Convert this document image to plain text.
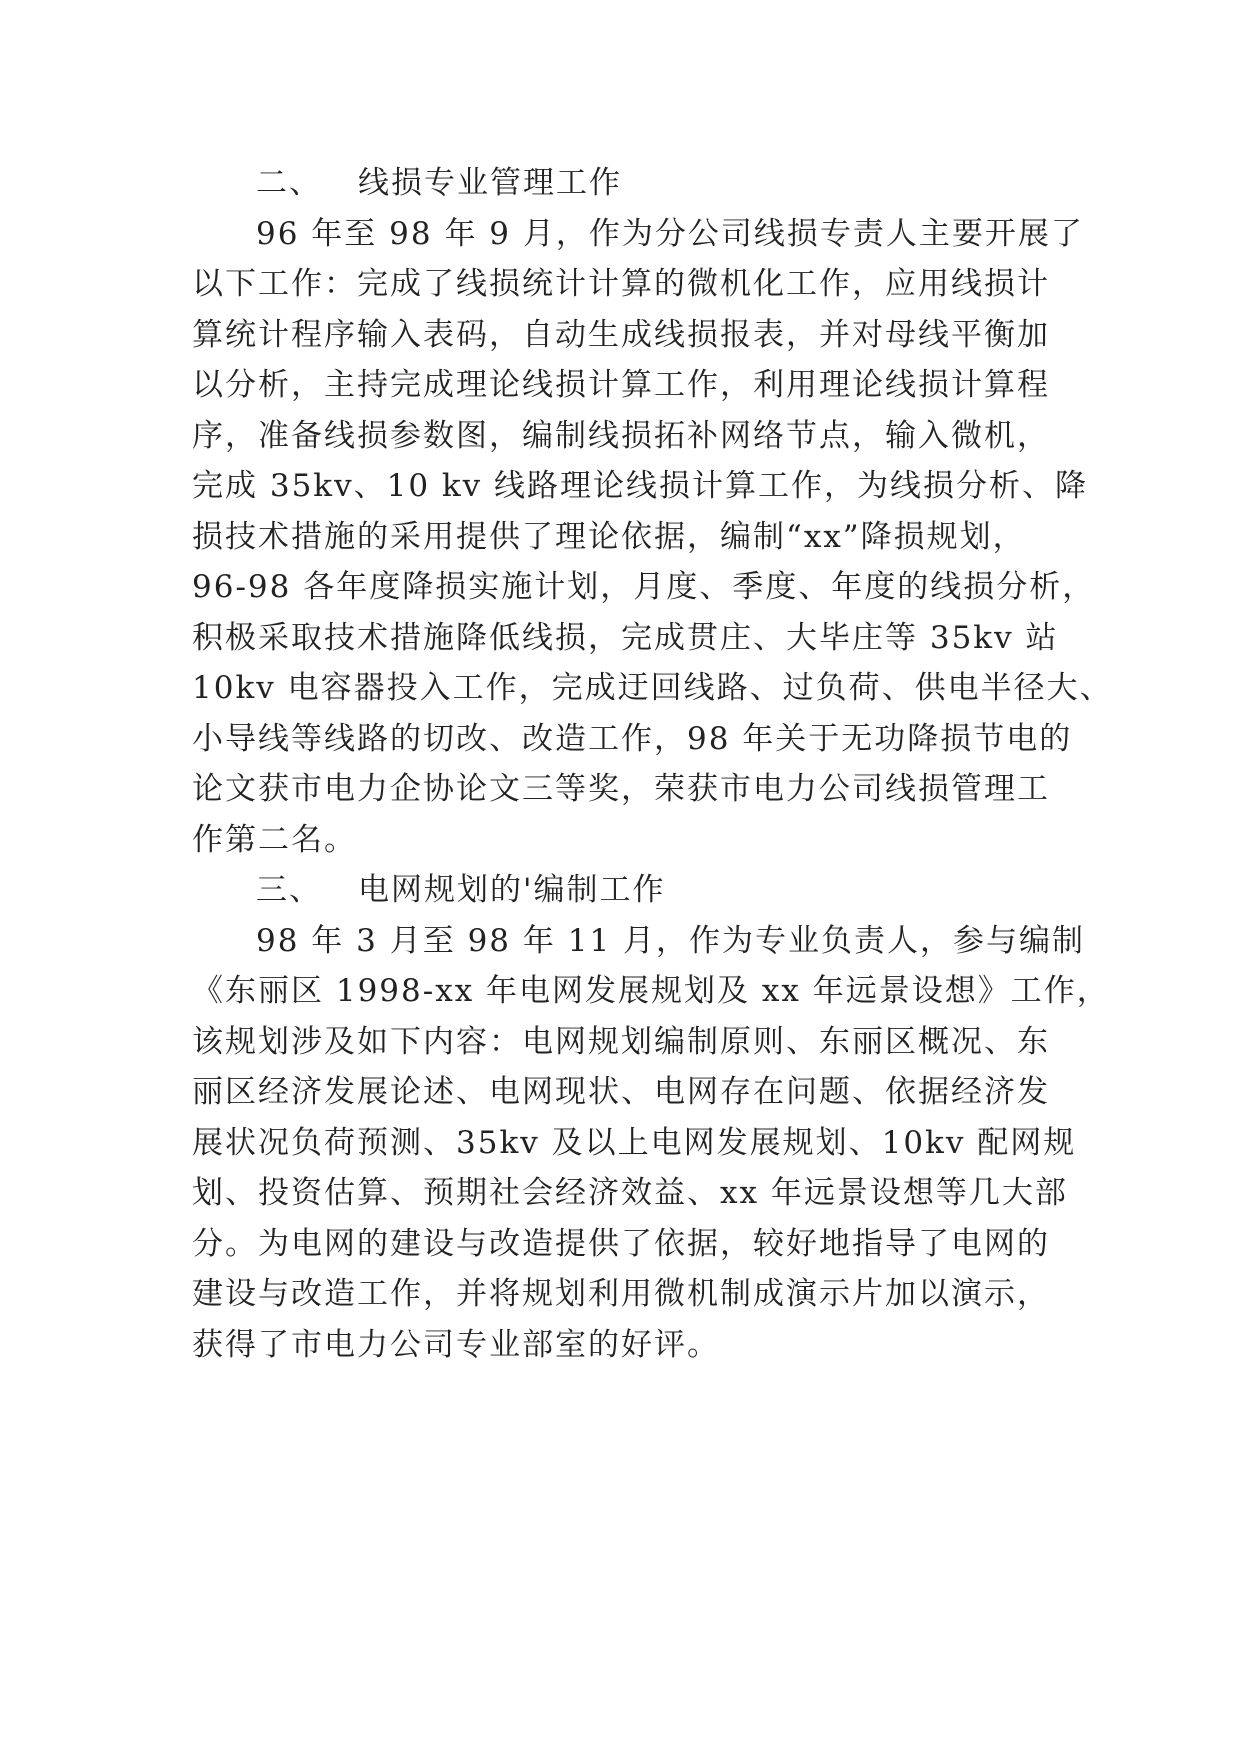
二、 线损专业管理工作

96 年至 98 年 9 月，作为分公司线损专责人主要开展了

以下工作：完成了线损统计计算的微机化工作，应用线损计

算统计程序输入表码，自动生成线损报表，并对母线平衡加

以分析，主持完成理论线损计算工作，利用理论线损计算程

序，准备线损参数图，编制线损拓补网络节点，输入微机，

完成 35kv、10 kv 线路理论线损计算工作，为线损分析、降

损技术措施的采用提供了理论依据，编制“xx”降损规划，

96-98 各年度降损实施计划，月度、季度、年度的线损分析，

积极采取技术措施降低线损，完成贯庄、大毕庄等 35kv 站

10kv 电容器投入工作，完成迂回线路、过负荷、供电半径大、

小导线等线路的切改、改造工作，98 年关于无功降损节电的

论文获市电力企协论文三等奖，荣获市电力公司线损管理工

作第二名。

三、 电网规划的'编制工作

98 年 3 月至 98 年 11 月，作为专业负责人，参与编制

《东丽区 1998-xx 年电网发展规划及 xx 年远景设想》工作，

该规划涉及如下内容：电网规划编制原则、东丽区概况、东

丽区经济发展论述、电网现状、电网存在问题、依据经济发

展状况负荷预测、35kv 及以上电网发展规划、10kv 配网规

划、投资估算、预期社会经济效益、xx 年远景设想等几大部

分。为电网的建设与改造提供了依据，较好地指导了电网的

建设与改造工作，并将规划利用微机制成演示片加以演示，

获得了市电力公司专业部室的好评。
